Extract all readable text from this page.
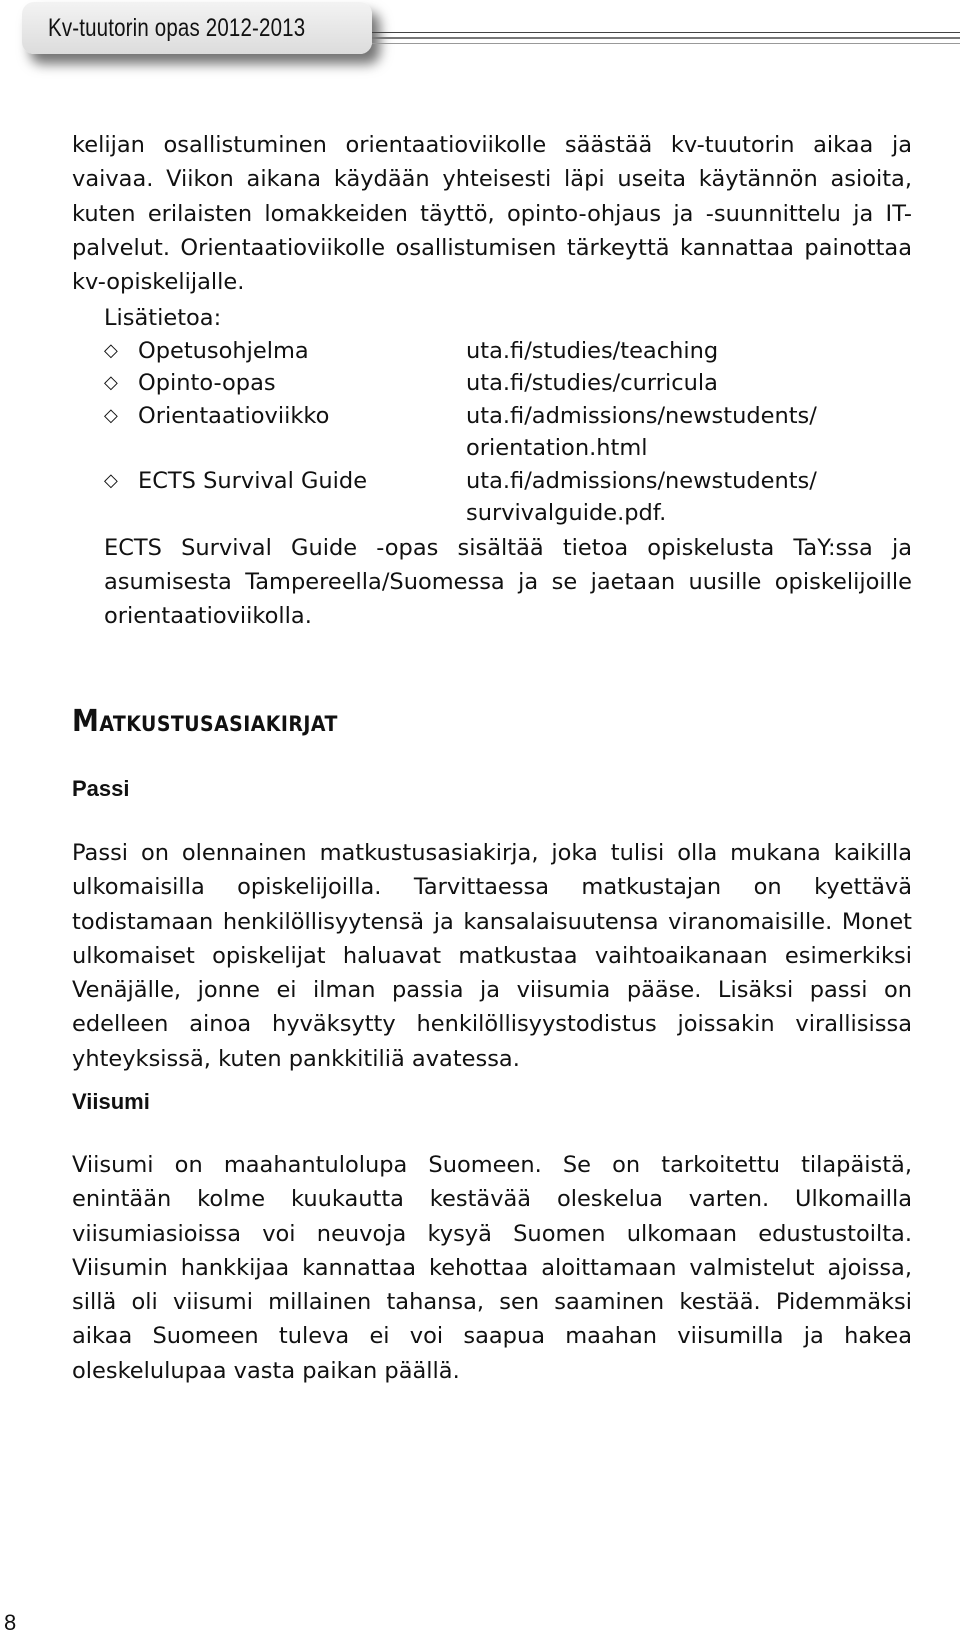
Kv-tuutorin opas 2012-2013

kelijan osallistuminen orientaatioviikolle säästää kv-tuutorin aikaa ja vaivaa. Viikon aikana käydään yhteisesti läpi useita käytännön asioita, kuten erilaisten lomakkeiden täyttö, opinto-ohjaus ja -suunnittelu ja IT-palvelut. Orientaatioviikolle osallistumisen tärkeyttä kannattaa painottaa kv-opiskelijalle.

Lisätietoa:

◇ Opetusohjelma	uta.fi/studies/teaching
◇ Opinto-opas	uta.fi/studies/curricula
◇ Orientaatioviikko	uta.fi/admissions/newstudents/
orientation.html
◇ ECTS Survival Guide	uta.fi/admissions/newstudents/
survivalguide.pdf.

ECTS Survival Guide -opas sisältää tietoa opiskelusta TaY:ssa ja asumisesta Tampereella/Suomessa ja se jaetaan uusille opiskelijoille orientaatioviikolla.

Matkustusasiakirjat
Passi

Passi on olennainen matkustusasiakirja, joka tulisi olla mukana kaikilla ulkomaisilla opiskelijoilla. Tarvittaessa matkustajan on kyettävä todistamaan henkilöllisyytensä ja kansalaisuutensa viranomaisille. Monet ulkomaiset opiskelijat haluavat matkustaa vaihtoaikanaan esimerkiksi Venäjälle, jonne ei ilman passia ja viisumia pääse. Lisäksi passi on edelleen ainoa hyväksytty henkilöllisyystodistus joissakin virallisissa yhteyksissä, kuten pankkitiliä avatessa.

Viisumi

Viisumi on maahantulolupa Suomeen. Se on tarkoitettu tilapäistä, enintään kolme kuukautta kestävää oleskelua varten. Ulkomailla viisumiasioissa voi neuvoja kysyä Suomen ulkomaan edustustoilta. Viisumin hankkijaa kannattaa kehottaa aloittamaan valmistelut ajoissa, sillä oli viisumi millainen tahansa, sen saaminen kestää. Pidemmäksi aikaa Suomeen tuleva ei voi saapua maahan viisumilla ja hakea oleskelulupaa vasta paikan päällä.

8
